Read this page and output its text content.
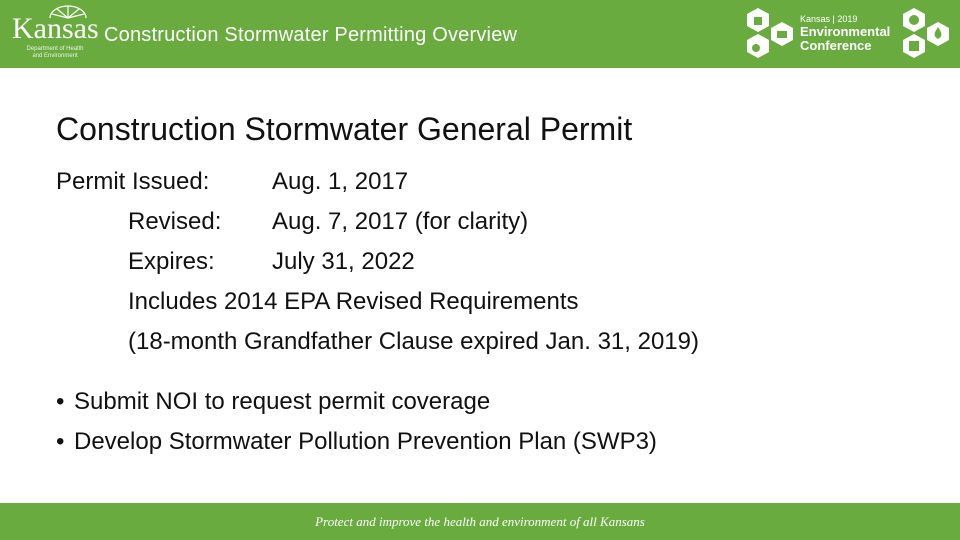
Kansas
Department of Health and Environment
Construction Stormwater Permitting Overview
Kansas | 2019
Environmental
Conference
Construction Stormwater General Permit
Permit Issued:	Aug. 1, 2017
Revised: Aug. 7, 2017 (for clarity)
Expires: July 31, 2022
Includes 2014 EPA Revised Requirements
(18-month Grandfather Clause expired Jan. 31, 2019)
• Submit NOI to request permit coverage
• Develop Stormwater Pollution Prevention Plan (SWP3)
Protect and improve the health and environment of all Kansans
